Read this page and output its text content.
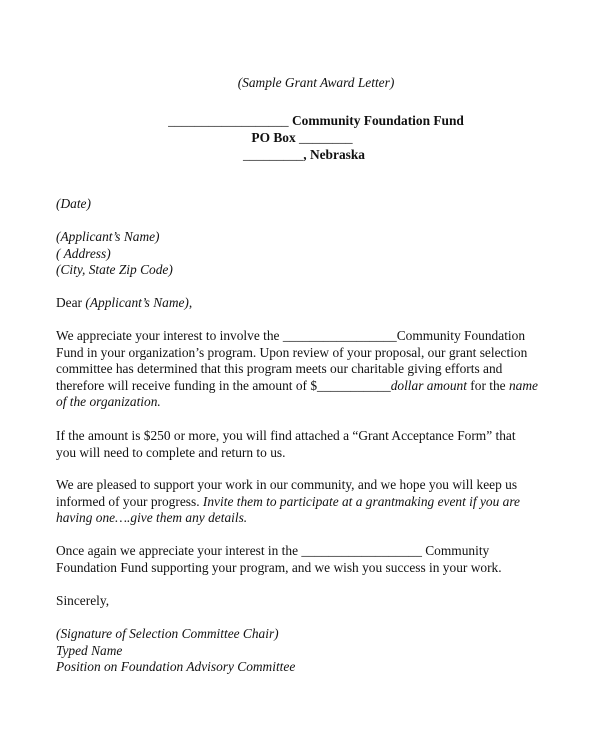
(Sample Grant Award Letter)
__________________ Community Foundation Fund
PO Box ________
_________, Nebraska
(Date)
(Applicant’s Name)
( Address)
(City, State Zip Code)
Dear (Applicant’s Name),
We appreciate your interest to involve the _________________Community Foundation
Fund in your organization’s program. Upon review of your proposal, our grant selection
committee has determined that this program meets our charitable giving efforts and
therefore will receive funding in the amount of $___________dollar amount for the name
of the organization.
If the amount is $250 or more, you will find attached a “Grant Acceptance Form” that
you will need to complete and return to us.
We are pleased to support your work in our community, and we hope you will keep us
informed of your progress. Invite them to participate at a grantmaking event if you are
having one….give them any details.
Once again we appreciate your interest in the __________________ Community
Foundation Fund supporting your program, and we wish you success in your work.
Sincerely,
(Signature of Selection Committee Chair)
Typed Name
Position on Foundation Advisory Committee
